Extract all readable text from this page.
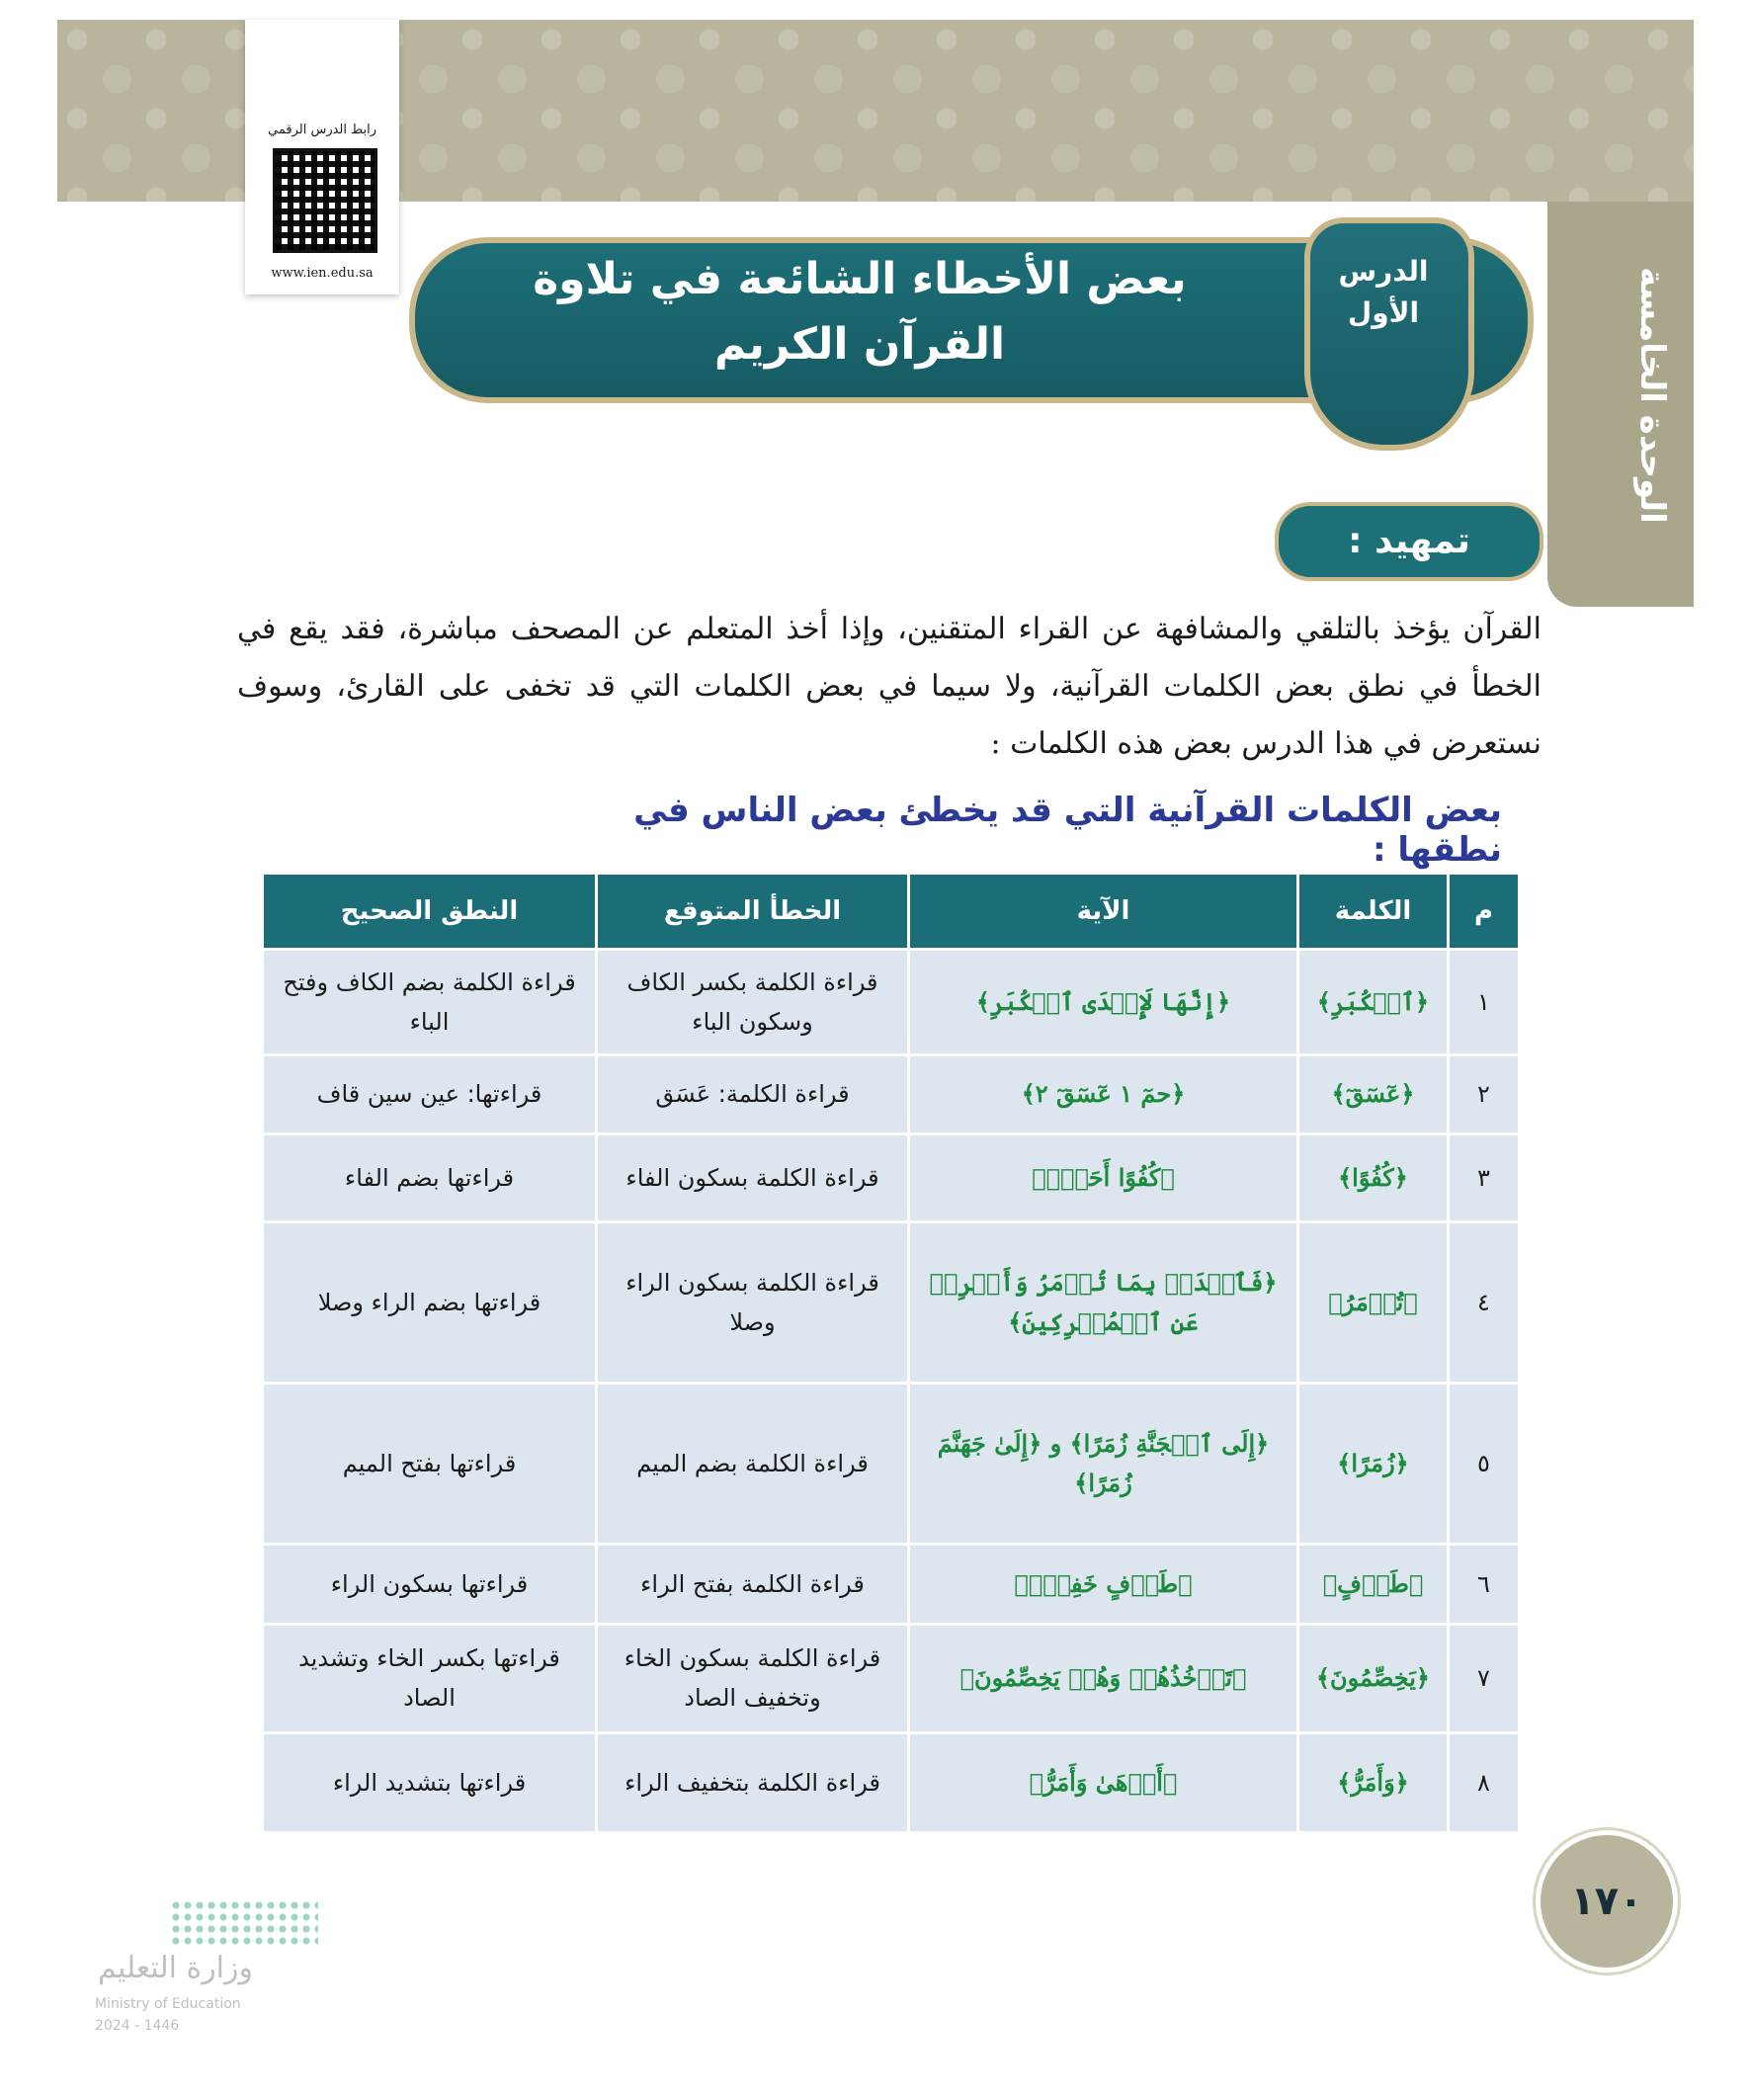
الوحدة الخامسة
رابط الدرس الرقمي
www.ien.edu.sa	بعض الأخطاء الشائعة في تلاوة القرآن الكريم
الدرس الأول
تمهيد :
القرآن يؤخذ بالتلقي والمشافهة عن القراء المتقنين، وإذا أخذ المتعلم عن المصحف مباشرة، فقد يقع في الخطأ في نطق بعض الكلمات القرآنية، ولا سيما في بعض الكلمات التي قد تخفى على القارئ، وسوف نستعرض في هذا الدرس بعض هذه الكلمات :
بعض الكلمات القرآنية التي قد يخطئ بعض الناس في نطقها :
م	الكلمة	الآية	الخطأ المتوقع	النطق الصحيح
١	﴿ٱلۡكُبَرِ﴾	﴿إِنَّهَا لَإِحۡدَى ٱلۡكُبَرِ﴾	قراءة الكلمة بكسر الكاف وسكون الباء	قراءة الكلمة بضم الكاف وفتح الباء
٢	﴿عٓسٓقٓ﴾	﴿حمٓ ١ عٓسٓقٓ ٢﴾	قراءة الكلمة: عَسَق	قراءتها: عين سين قاف
٣	﴿كُفُوًا﴾	﴿كُفُوًا أَحَدُۢ﴾	قراءة الكلمة بسكون الفاء	قراءتها بضم الفاء
٤	﴿تُؤۡمَرُ﴾	﴿فَٱصۡدَعۡ بِمَا تُؤۡمَرُ وَأَعۡرِضۡ عَنِ ٱلۡمُشۡرِكِينَ﴾	قراءة الكلمة بسكون الراء وصلا	قراءتها بضم الراء وصلا
٥	﴿زُمَرًا﴾	﴿إِلَى ٱلۡجَنَّةِ زُمَرًا﴾ و ﴿إِلَىٰ جَهَنَّمَ زُمَرًا﴾	قراءة الكلمة بضم الميم	قراءتها بفتح الميم
٦	﴿طَرۡفٍ﴾	﴿طَرۡفٍ خَفِيّٖ﴾	قراءة الكلمة بفتح الراء	قراءتها بسكون الراء
٧	﴿يَخِصِّمُونَ﴾	﴿تَأۡخُذُهُمۡ وَهُمۡ يَخِصِّمُونَ﴾	قراءة الكلمة بسكون الخاء وتخفيف الصاد	قراءتها بكسر الخاء وتشديد الصاد
٨	﴿وَأَمَرُّ﴾	﴿أَدۡهَىٰ وَأَمَرُّ﴾	قراءة الكلمة بتخفيف الراء	قراءتها بتشديد الراء
١٧٠
وزارة التعليم
Ministry of Education
2024 - 1446
